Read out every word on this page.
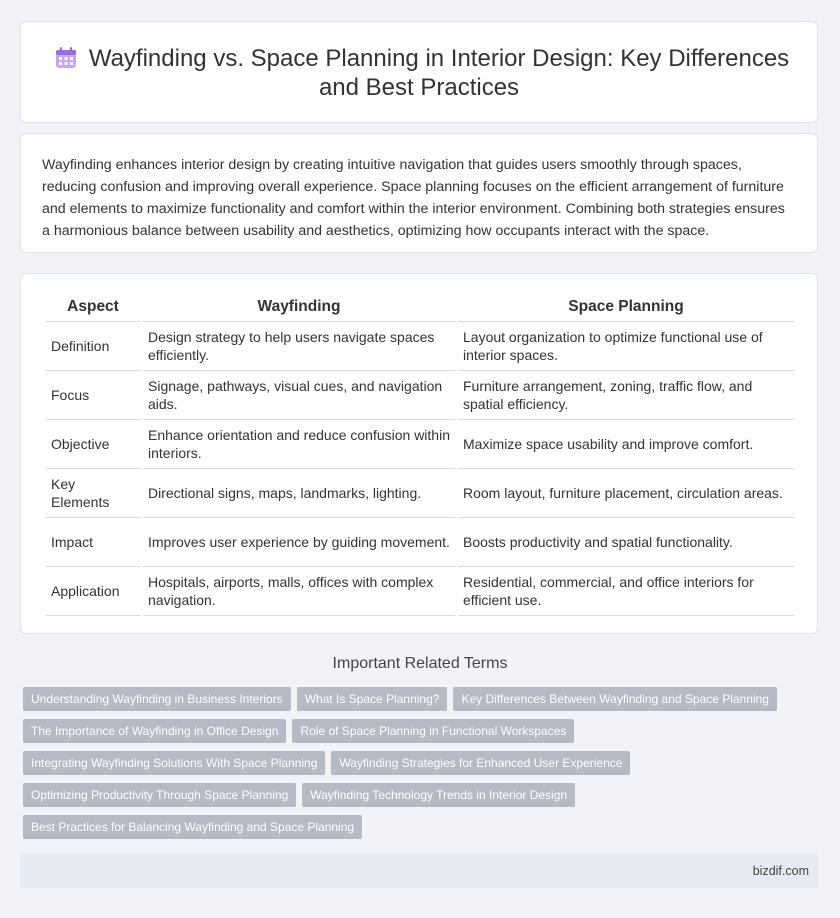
Wayfinding vs. Space Planning in Interior Design: Key Differences
and Best Practices
Wayfinding enhances interior design by creating intuitive navigation that guides users smoothly through spaces, reducing confusion and improving overall experience. Space planning focuses on the efficient arrangement of furniture and elements to maximize functionality and comfort within the interior environment. Combining both strategies ensures a harmonious balance between usability and aesthetics, optimizing how occupants interact with the space.
Aspect	Wayfinding	Space Planning
Definition	Design strategy to help users navigate spaces efficiently.	Layout organization to optimize functional use of interior spaces.
Focus	Signage, pathways, visual cues, and navigation aids.	Furniture arrangement, zoning, traffic flow, and spatial efficiency.
Objective	Enhance orientation and reduce confusion within interiors.	Maximize space usability and improve comfort.
Key Elements	Directional signs, maps, landmarks, lighting.	Room layout, furniture placement, circulation areas.
Impact	Improves user experience by guiding movement.	Boosts productivity and spatial functionality.
Application	Hospitals, airports, malls, offices with complex navigation.	Residential, commercial, and office interiors for efficient use.
Important Related Terms
Understanding Wayfinding in Business Interiors What Is Space Planning? Key Differences Between Wayfinding and Space Planning
The Importance of Wayfinding in Office Design Role of Space Planning in Functional Workspaces
Integrating Wayfinding Solutions With Space Planning Wayfinding Strategies for Enhanced User Experience
Optimizing Productivity Through Space Planning Wayfinding Technology Trends in Interior Design
Best Practices for Balancing Wayfinding and Space Planning
bizdif.com
